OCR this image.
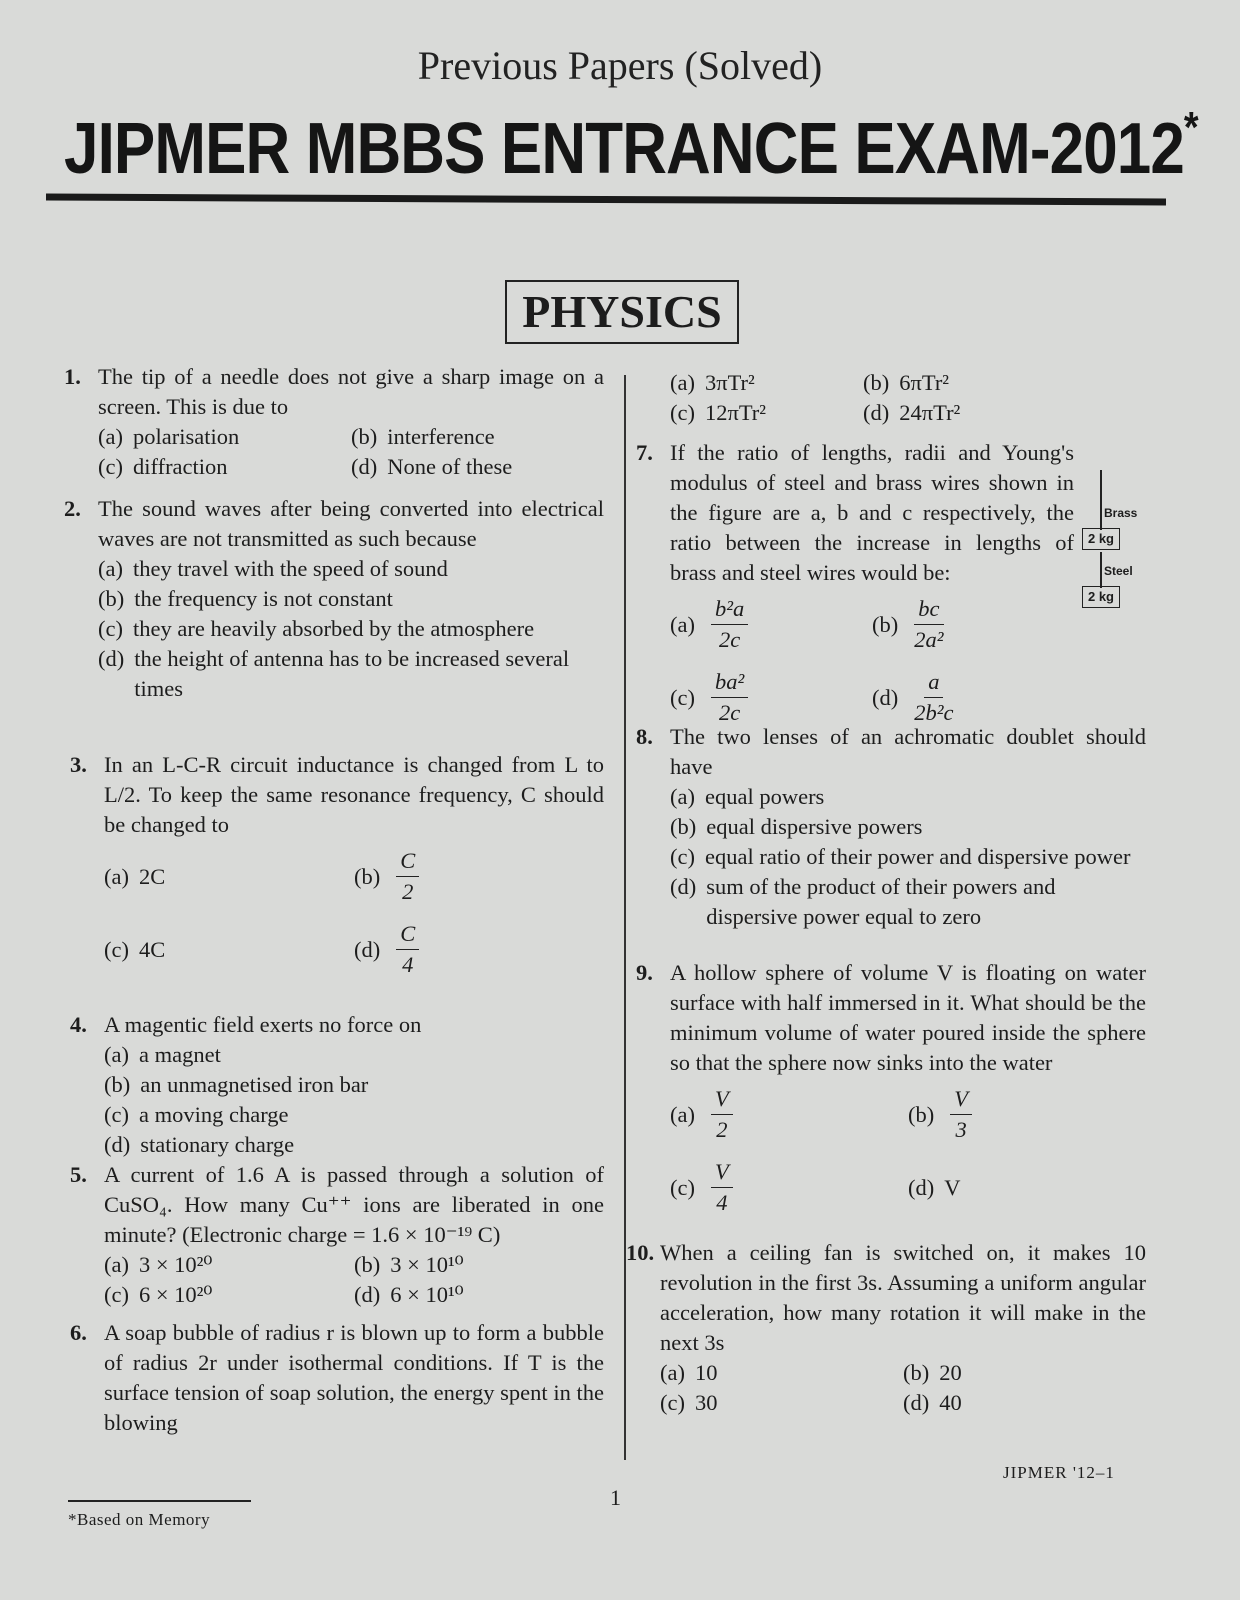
Previous Papers (Solved)
JIPMER MBBS ENTRANCE EXAM-2012*
PHYSICS
1. The tip of a needle does not give a sharp image on a screen. This is due to
(a) polarisation	(b) interference
(c) diffraction	(d) None of these
2. The sound waves after being converted into electrical waves are not transmitted as such because
(a) they travel with the speed of sound
(b) the frequency is not constant
(c) they are heavily absorbed by the atmosphere
(d) the height of antenna has to be increased several times
3. In an L-C-R circuit inductance is changed from L to L/2. To keep the same resonance frequency, C should be changed to
(a) 2C	$(b) \frac{C}{2}$
(c) 4C	$(d) \frac{C}{4}$
4. A magentic field exerts no force on
(a) a magnet
(b) an unmagnetised iron bar
(c) a moving charge
(d) stationary charge
5. A current of 1.6 A is passed through a solution of CuSO₄. How many Cu⁺⁺ ions are liberated in one minute? (Electronic charge = 1.6 × 10⁻¹⁹ C)
(a) 3 × 10²⁰	(b) 3 × 10¹⁰
(c) 6 × 10²⁰	(d) 6 × 10¹⁰
6. A soap bubble of radius r is blown up to form a bubble of radius 2r under isothermal conditions. If T is the surface tension of soap solution, the energy spent in the blowing
(a) 3πTr²	(b) 6πTr²
(c) 12πTr²	(d) 24πTr²
7. If the ratio of lengths, radii and Young's modulus of steel and brass wires shown in the figure are a, b and c respectively, the ratio between the increase in lengths of brass and steel wires would be:
$(a) \frac{\text{b²a}}{2c}$	$(b) \frac{bc}{\text{2a²}}$
$(c) \frac{\text{ba²}}{2c}$	$(d) \frac{a}{\text{2b²c}}$
8. The two lenses of an achromatic doublet should have
(a) equal powers
(b) equal dispersive powers
(c) equal ratio of their power and dispersive power
(d) sum of the product of their powers and dispersive power equal to zero
9. A hollow sphere of volume V is floating on water surface with half immersed in it. What should be the minimum volume of water poured inside the sphere so that the sphere now sinks into the water
$(a) \frac{V}{2}$	$(b) \frac{V}{3}$
$(c) \frac{V}{4}$	(d) V
10. When a ceiling fan is switched on, it makes 10 revolution in the first 3s. Assuming a uniform angular acceleration, how many rotation it will make in the next 3s
(a) 10	(b) 20
(c) 30	(d) 40
Brass
2 kg
Steel
2 kg
JIPMER '12–1
1
*Based on Memory
